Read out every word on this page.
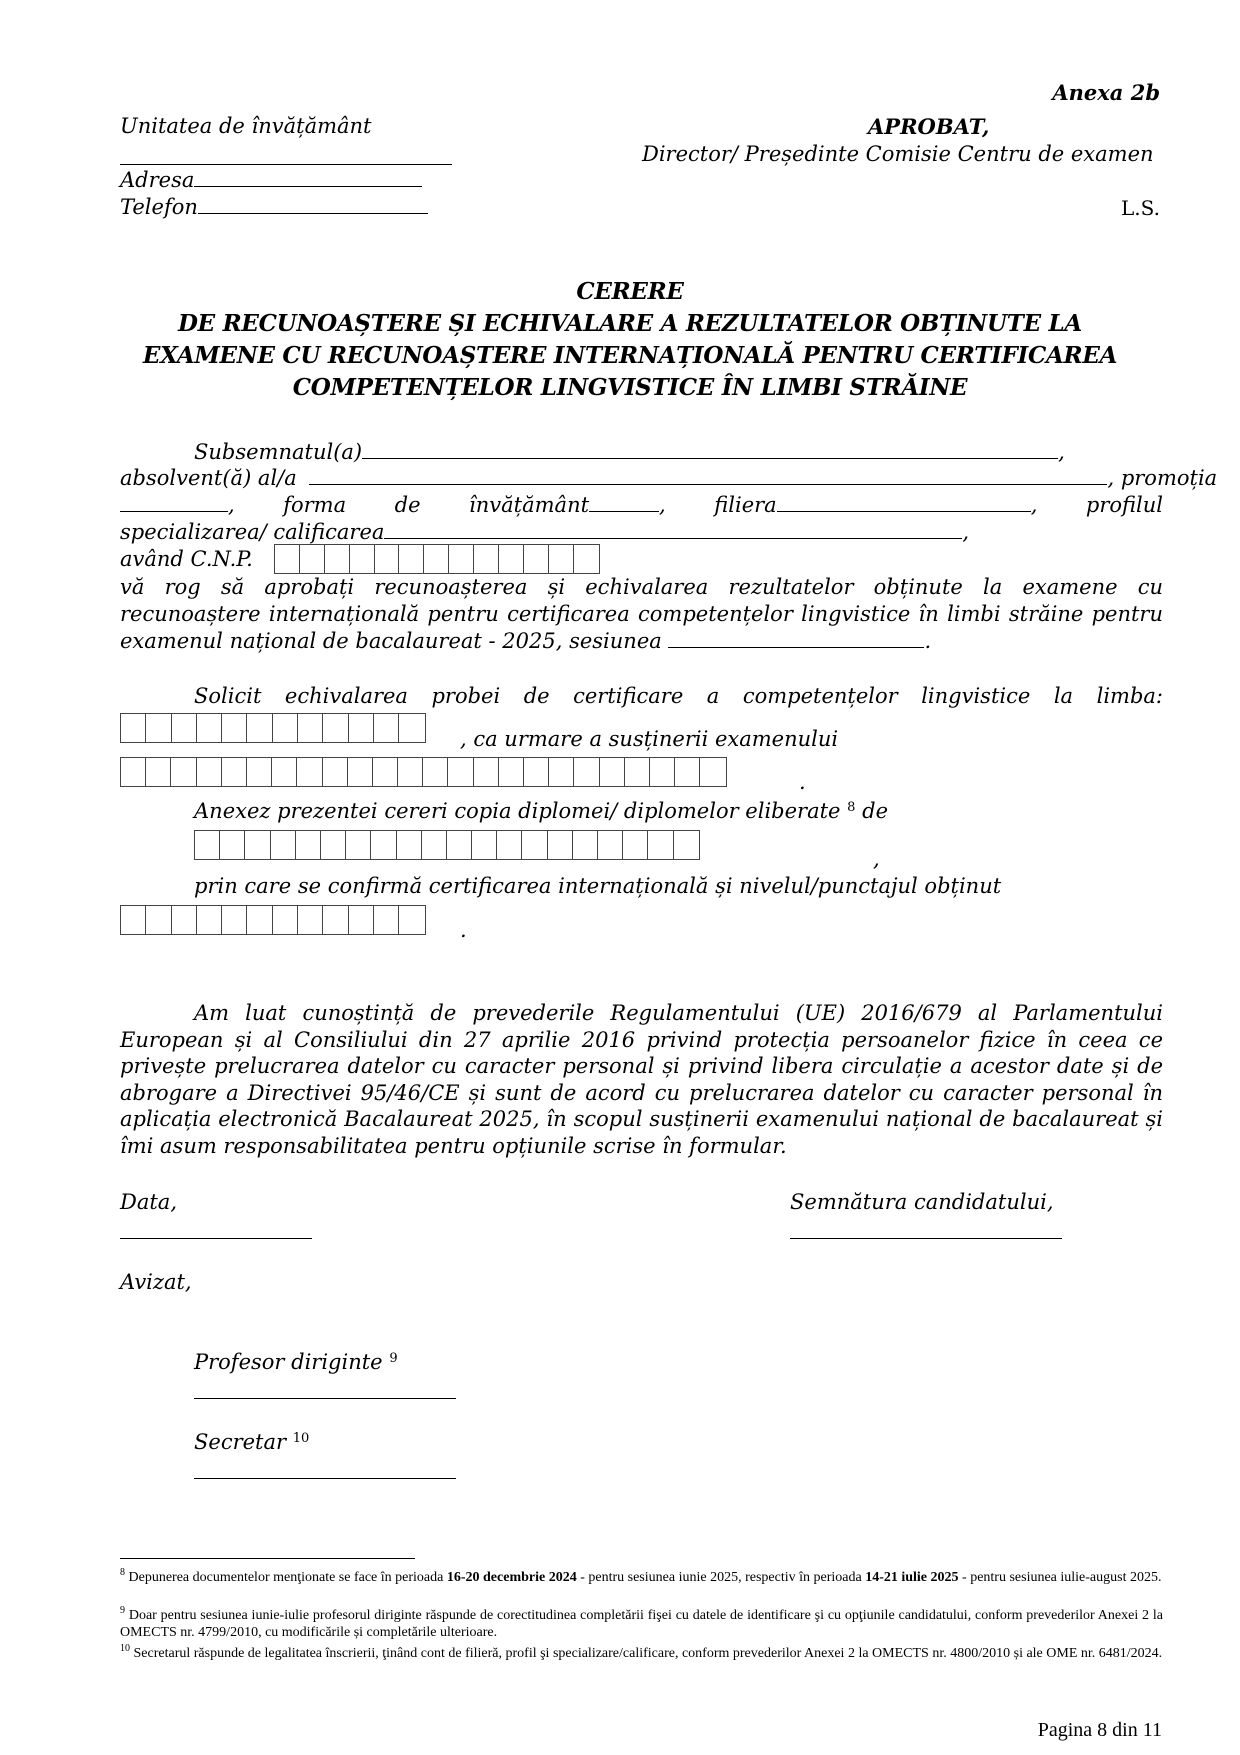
Anexa 2b
Unitatea de învățământ
Adresa
Telefon
APROBAT,
Director/ Președinte Comisie Centru de examen
L.S.
CERERE
DE RECUNOAȘTERE ȘI ECHIVALARE A REZULTATELOR OBȚINUTE LA
EXAMENE CU RECUNOAȘTERE INTERNAȚIONALĂ PENTRU CERTIFICAREA
COMPETENȚELOR LINGVISTICE ÎN LIMBI STRĂINE
Subsemnatul(a)	,
absolvent(ă) al/a	, promoția
, forma de învățământ	, filiera	, profilul
specializarea/ calificarea	,
având C.N.P.
vă rog să aprobați recunoașterea și echivalarea rezultatelor obținute la examene cu
recunoaștere internațională pentru certificarea competențelor lingvistice în limbi străine pentru
examenul național de bacalaureat - 2025, sesiunea	.
Solicit echivalarea probei de certificare a competențelor lingvistice la limba:
, ca urmare a susținerii examenului
.
Anexez prezentei cereri copia diplomei/ diplomelor eliberate $^8$ de
,
prin care se confirmă certificarea internațională și nivelul/punctajul obținut
.
Am luat cunoștință de prevederile Regulamentului (UE) 2016/679 al Parlamentului European și al Consiliului din 27 aprilie 2016 privind protecția persoanelor fizice în ceea ce privește prelucrarea datelor cu caracter personal și privind libera circulație a acestor date și de abrogare a Directivei 95/46/CE și sunt de acord cu prelucrarea datelor cu caracter personal în aplicația electronică Bacalaureat 2025, în scopul susținerii examenului național de bacalaureat și îmi asum responsabilitatea pentru opțiunile scrise în formular.
Data,	Semnătura candidatului,
Avizat,
Profesor diriginte $^9$
Secretar $^{10}$
$^8$ Depunerea documentelor menţionate se face în perioada 16-20 decembrie 2024 - pentru sesiunea iunie 2025, respectiv în perioada 14-21 iulie 2025 - pentru sesiunea iulie-august 2025.
$^9$ Doar pentru sesiunea iunie-iulie profesorul diriginte răspunde de corectitudinea completării fişei cu datele de identificare şi cu opţiunile candidatului, conform prevederilor Anexei 2 la OMECTS nr. 4799/2010, cu modificările și completările ulterioare.
$^{10}$ Secretarul răspunde de legalitatea înscrierii, ţinând cont de filieră, profil şi specializare/calificare, conform prevederilor Anexei 2 la OMECTS nr. 4800/2010 și ale OME nr. 6481/2024.
Pagina 8 din 11
